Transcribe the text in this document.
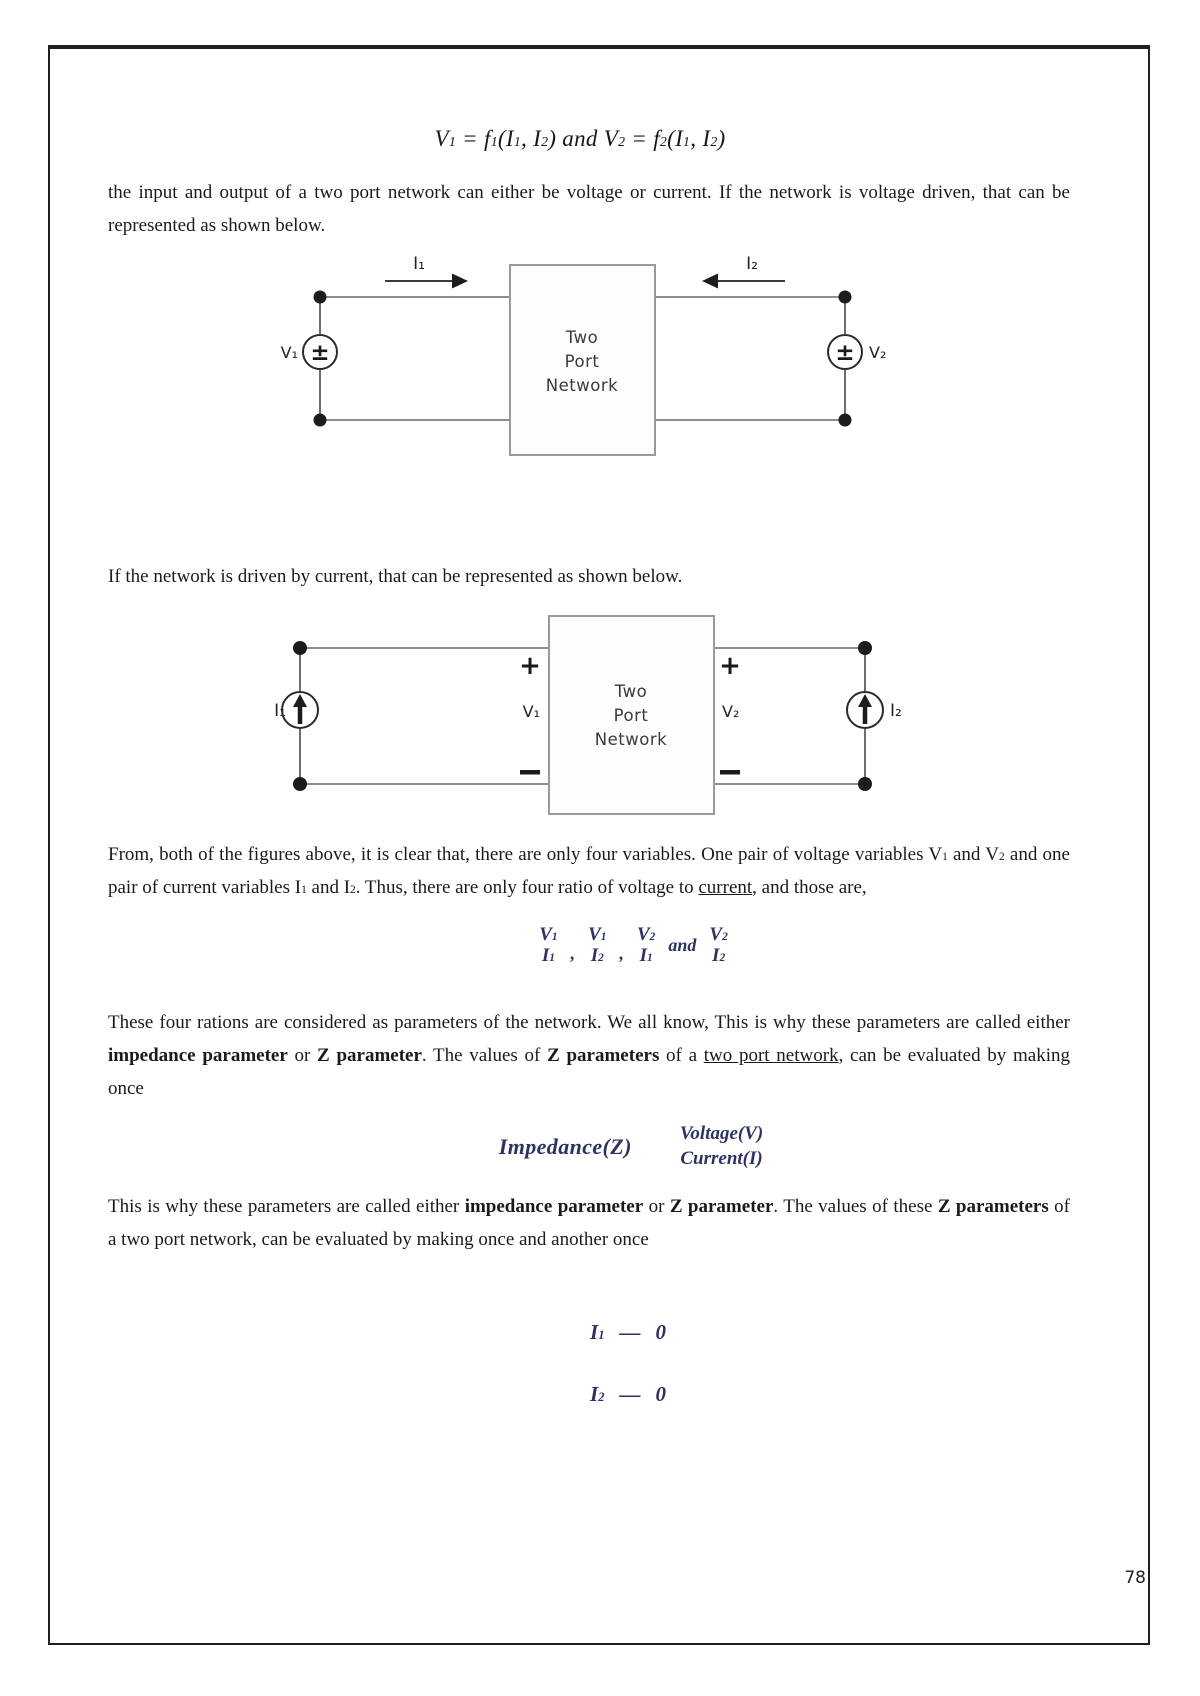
$V_1 = f_1(I_1$, $I_2$) and $V_2 = f_2(I_1$, $I_2$)
the input and output of a two port network can either be voltage or current. If the network is voltage driven, that can be represented as shown below.
Two
Port
Network
±	±
I₁	I₂
V₁	V₂
If the network is driven by current, that can be represented as shown below.
Two
Port
Network
+	+
V₁	V₂
I₁	I₂
From, both of the figures above, it is clear that, there are only four variables. One pair of voltage variables $V_1$ and $V_2$ and one pair of current variables $I_1$ and $I_2$. Thus, there are only four ratio of voltage to current, and those are,
$V_1$
$I_1$ ,
$V_1$
$I_2$ ,
$V_2$
$I_1$
and $V_2$
$I_2$
These four rations are considered as parameters of the network. We all know, This is why these parameters are called either impedance parameter or Z parameter. The values of Z parameters of a two port network, can be evaluated by making once
Impedance(Z)
Voltage(V)
Current(I)
This is why these parameters are called either impedance parameter or Z parameter. The values of these Z parameters of a two port network, can be evaluated by making once and another once
$I_1$ — 0
$I_2$ — 0
78
